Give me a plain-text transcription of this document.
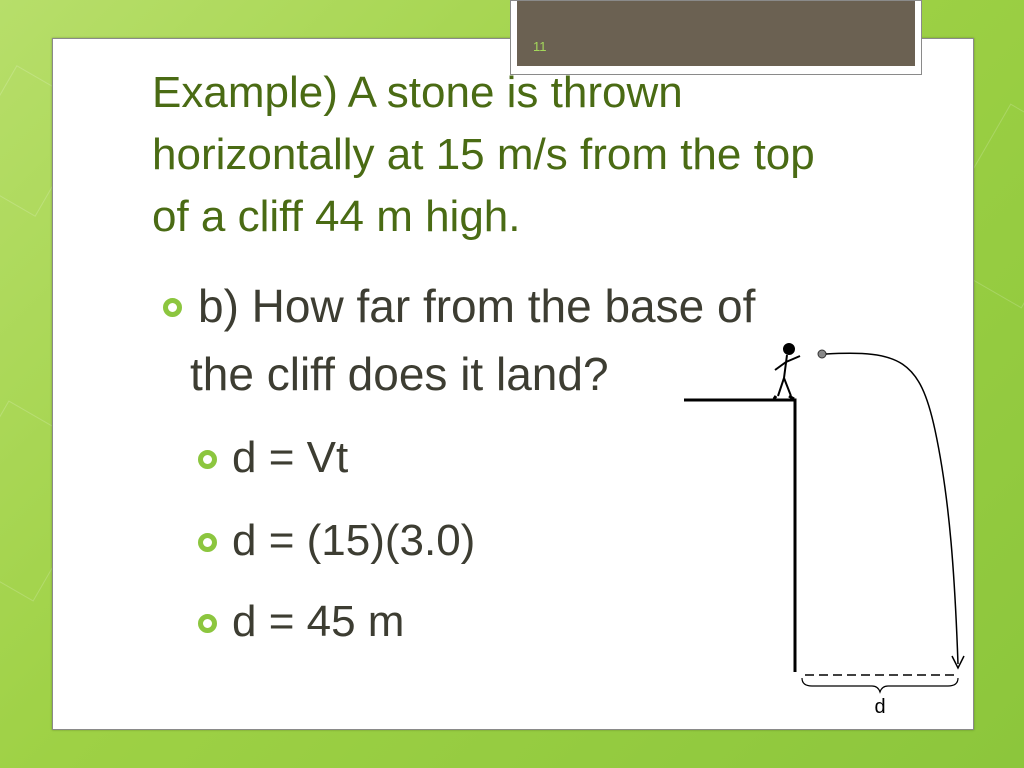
11
Example) A stone is thrown
horizontally at 15 m/s from the top
of a cliff 44 m high.
b) How far from the base of
the cliff does it land?
d = Vt
d = (15)(3.0)
d = 45 m
d
